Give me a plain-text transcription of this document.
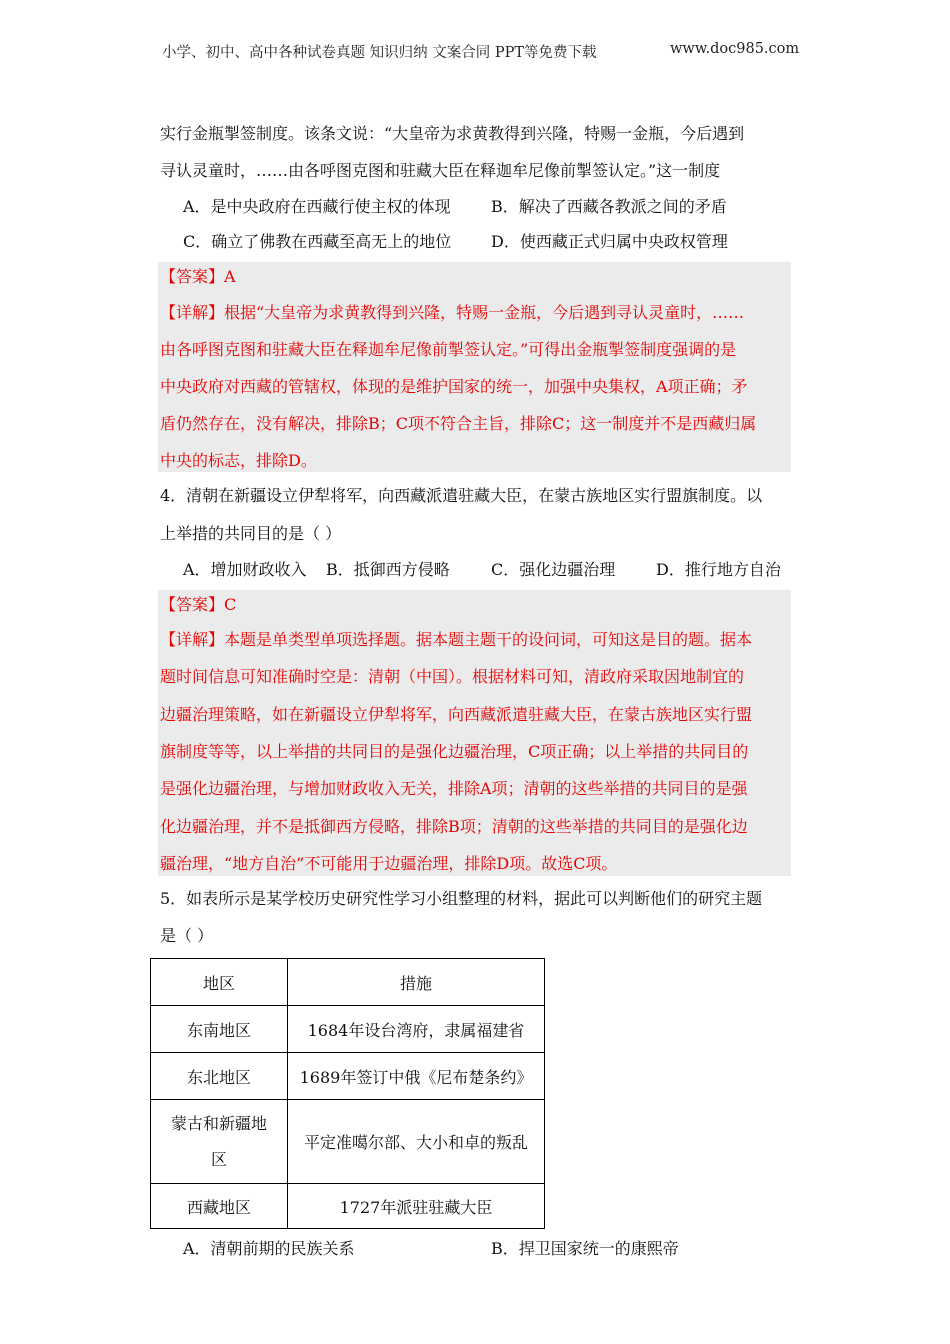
小学、初中、高中各种试卷真题 知识归纳 文案合同 PPT等免费下载	www.doc985.com
实行金瓶掣签制度。该条文说：“大皇帝为求黄教得到兴隆，特赐一金瓶，今后遇到
寻认灵童时，……由各呼图克图和驻藏大臣在释迦牟尼像前掣签认定。”这一制度
A．是中央政府在西藏行使主权的体现	B．解决了西藏各教派之间的矛盾
C．确立了佛教在西藏至高无上的地位 D．使西藏正式归属中央政权管理
【答案】A
【详解】根据“大皇帝为求黄教得到兴隆，特赐一金瓶，今后遇到寻认灵童时，……
由各呼图克图和驻藏大臣在释迦牟尼像前掣签认定。”可得出金瓶掣签制度强调的是
中央政府对西藏的管辖权，体现的是维护国家的统一，加强中央集权，A项正确；矛
盾仍然存在，没有解决，排除B；C项不符合主旨，排除C；这一制度并不是西藏归属
中央的标志，排除D。
4．清朝在新疆设立伊犁将军，向西藏派遣驻藏大臣，在蒙古族地区实行盟旗制度。以
上举措的共同目的是（ ）
A．增加财政收入 B．抵御西方侵略	C．强化边疆治理	D．推行地方自治
【答案】C
【详解】本题是单类型单项选择题。据本题主题干的设问词，可知这是目的题。据本
题时间信息可知准确时空是：清朝（中国）。根据材料可知，清政府采取因地制宜的
边疆治理策略，如在新疆设立伊犁将军，向西藏派遣驻藏大臣，在蒙古族地区实行盟
旗制度等等，以上举措的共同目的是强化边疆治理，C项正确；以上举措的共同目的
是强化边疆治理，与增加财政收入无关，排除A项；清朝的这些举措的共同目的是强
化边疆治理，并不是抵御西方侵略，排除B项；清朝的这些举措的共同目的是强化边
疆治理，“地方自治”不可能用于边疆治理，排除D项。故选C项。
5．如表所示是某学校历史研究性学习小组整理的材料，据此可以判断他们的研究主题
是（ ）
地区	措施
东南地区	1684年设台湾府，隶属福建省
东北地区	1689年签订中俄《尼布楚条约》
蒙古和新疆地区	平定准噶尔部、大小和卓的叛乱
西藏地区	1727年派驻驻藏大臣
A．清朝前期的民族关系	B．捍卫国家统一的康熙帝
